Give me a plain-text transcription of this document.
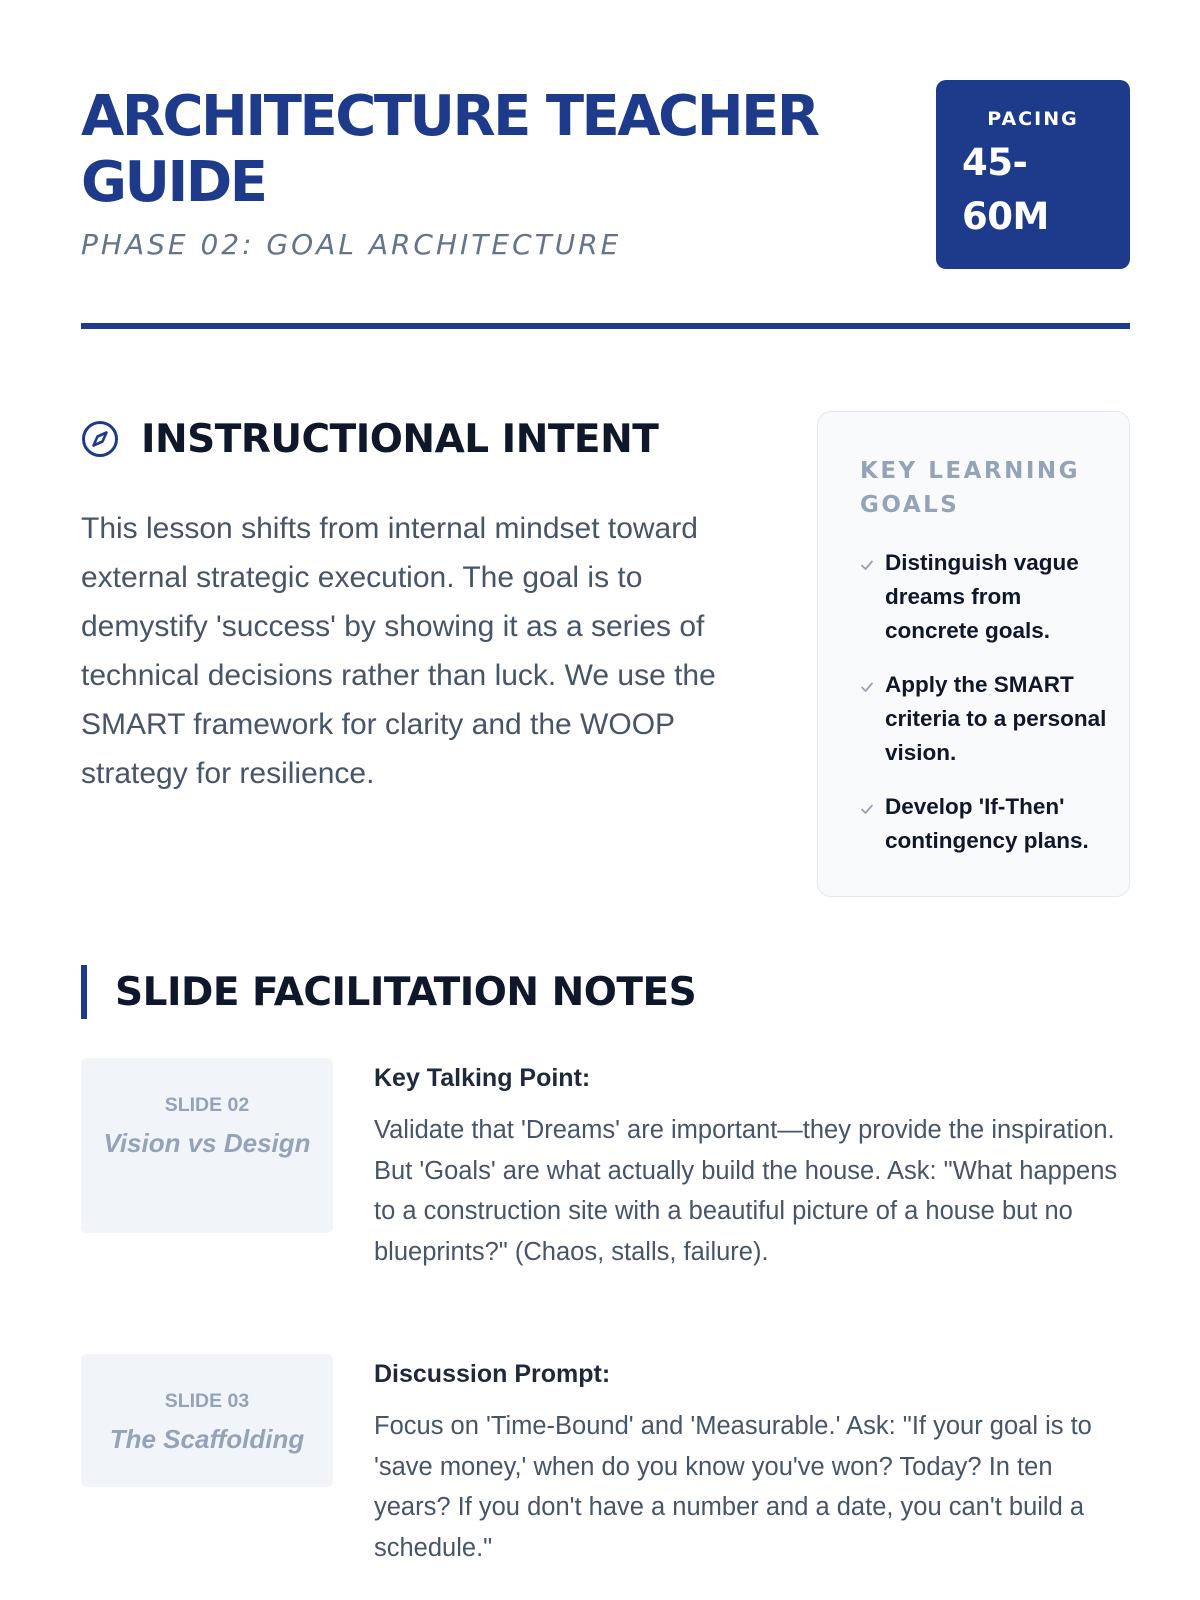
ARCHITECTURE TEACHER GUIDE
PHASE 02: GOAL ARCHITECTURE
PACING
45-60M
INSTRUCTIONAL INTENT

This lesson shifts from internal mindset toward external strategic execution. The goal is to demystify 'success' by showing it as a series of technical decisions rather than luck. We use the SMART framework for clarity and the WOOP strategy for resilience.

KEY LEARNING GOALS
Distinguish vague dreams from concrete goals.
Apply the SMART criteria to a personal vision.
Develop 'If-Then' contingency plans.
SLIDE FACILITATION NOTES
SLIDE 02
Vision vs Design
Key Talking Point:

Validate that 'Dreams' are important—they provide the inspiration. But 'Goals' are what actually build the house. Ask: "What happens to a construction site with a beautiful picture of a house but no blueprints?" (Chaos, stalls, failure).

SLIDE 03
The Scaffolding
Discussion Prompt:

Focus on 'Time-Bound' and 'Measurable.' Ask: "If your goal is to 'save money,' when do you know you've won? Today? In ten years? If you don't have a number and a date, you can't build a schedule."
